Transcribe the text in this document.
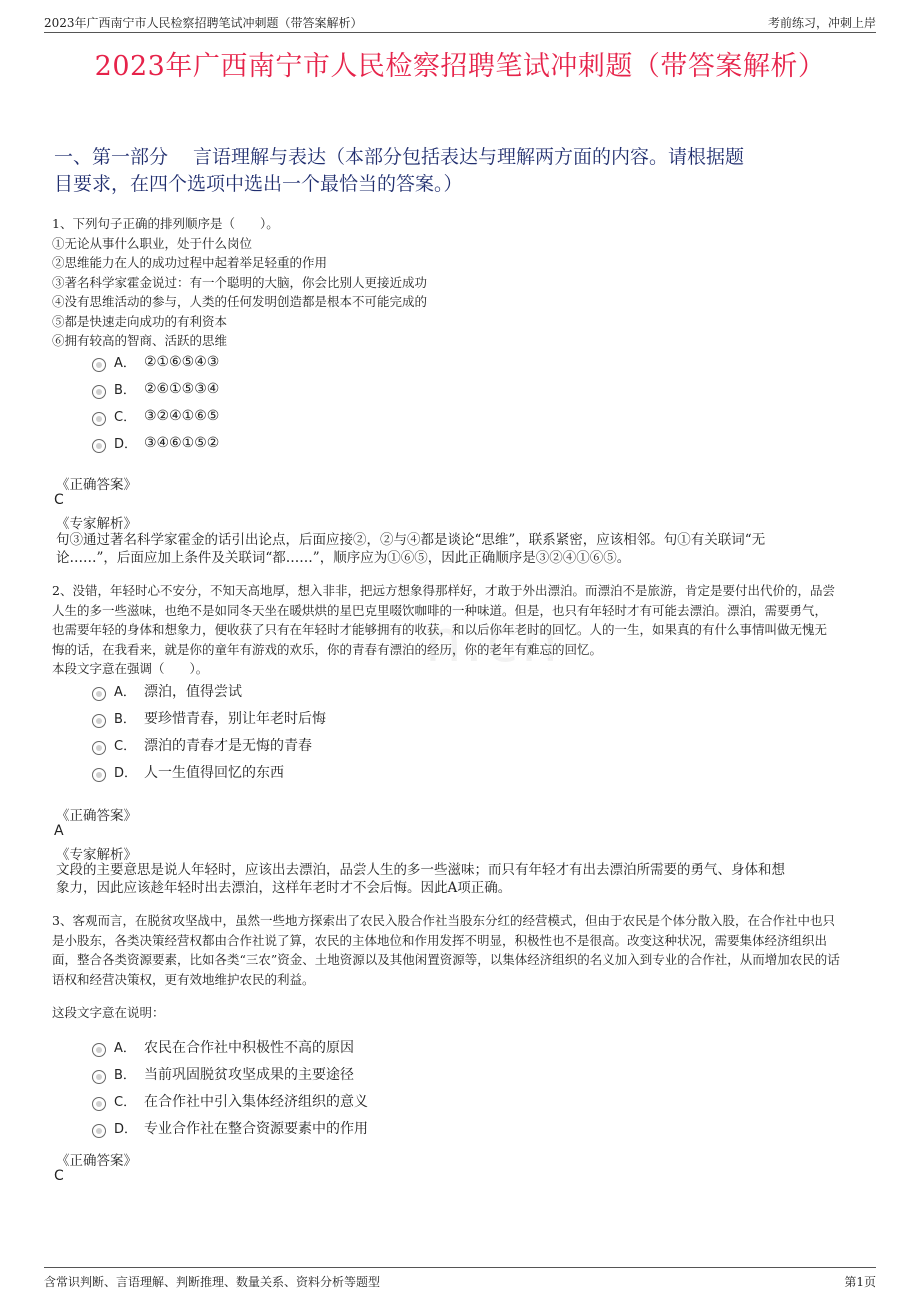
2023年广西南宁市人民检察招聘笔试冲刺题（带答案解析）	考前练习，冲刺上岸
2023年广西南宁市人民检察招聘笔试冲刺题（带答案解析）
一、第一部分　 言语理解与表达（本部分包括表达与理解两方面的内容。请根据题
目要求，在四个选项中选出一个最恰当的答案。）
n.cn
1、下列句子正确的排列顺序是（　　）。
①无论从事什么职业，处于什么岗位
②思维能力在人的成功过程中起着举足轻重的作用
③著名科学家霍金说过：有一个聪明的大脑，你会比别人更接近成功
④没有思维活动的参与，人类的任何发明创造都是根本不可能完成的
⑤都是快速走向成功的有利资本
⑥拥有较高的智商、活跃的思维
A． ②①⑥⑤④③
B． ②⑥①⑤③④
C． ③②④①⑥⑤
D． ③④⑥①⑤②
《正确答案》
C
《专家解析》
句③通过著名科学家霍金的话引出论点，后面应接②，②与④都是谈论“思维”，联系紧密，应该相邻。句①有关联词“无
论……”，后面应加上条件及关联词“都……”，顺序应为①⑥⑤，因此正确顺序是③②④①⑥⑤。
2、没错，年轻时心不安分，不知天高地厚，想入非非，把远方想象得那样好，才敢于外出漂泊。而漂泊不是旅游，肯定是要付出代价的，品尝
人生的多一些滋味，也绝不是如同冬天坐在暖烘烘的星巴克里啜饮咖啡的一种味道。但是，也只有年轻时才有可能去漂泊。漂泊，需要勇气，
也需要年轻的身体和想象力，便收获了只有在年轻时才能够拥有的收获，和以后你年老时的回忆。人的一生，如果真的有什么事情叫做无愧无
悔的话，在我看来，就是你的童年有游戏的欢乐，你的青春有漂泊的经历，你的老年有难忘的回忆。
本段文字意在强调（　　）。
A． 漂泊，值得尝试
B． 要珍惜青春，别让年老时后悔
C． 漂泊的青春才是无悔的青春
D． 人一生值得回忆的东西
《正确答案》
A
《专家解析》
文段的主要意思是说人年轻时，应该出去漂泊，品尝人生的多一些滋味；而只有年轻才有出去漂泊所需要的勇气、身体和想
象力，因此应该趁年轻时出去漂泊，这样年老时才不会后悔。因此A项正确。
3、客观而言，在脱贫攻坚战中，虽然一些地方探索出了农民入股合作社当股东分红的经营模式，但由于农民是个体分散入股，在合作社中也只
是小股东，各类决策经营权都由合作社说了算，农民的主体地位和作用发挥不明显，积极性也不是很高。改变这种状况，需要集体经济组织出
面，整合各类资源要素，比如各类“三农”资金、土地资源以及其他闲置资源等，以集体经济组织的名义加入到专业的合作社，从而增加农民的话
语权和经营决策权，更有效地维护农民的利益。
这段文字意在说明：
A． 农民在合作社中积极性不高的原因
B． 当前巩固脱贫攻坚成果的主要途径
C． 在合作社中引入集体经济组织的意义
D． 专业合作社在整合资源要素中的作用
《正确答案》
C
含常识判断、言语理解、判断推理、数量关系、资料分析等题型	第1页
